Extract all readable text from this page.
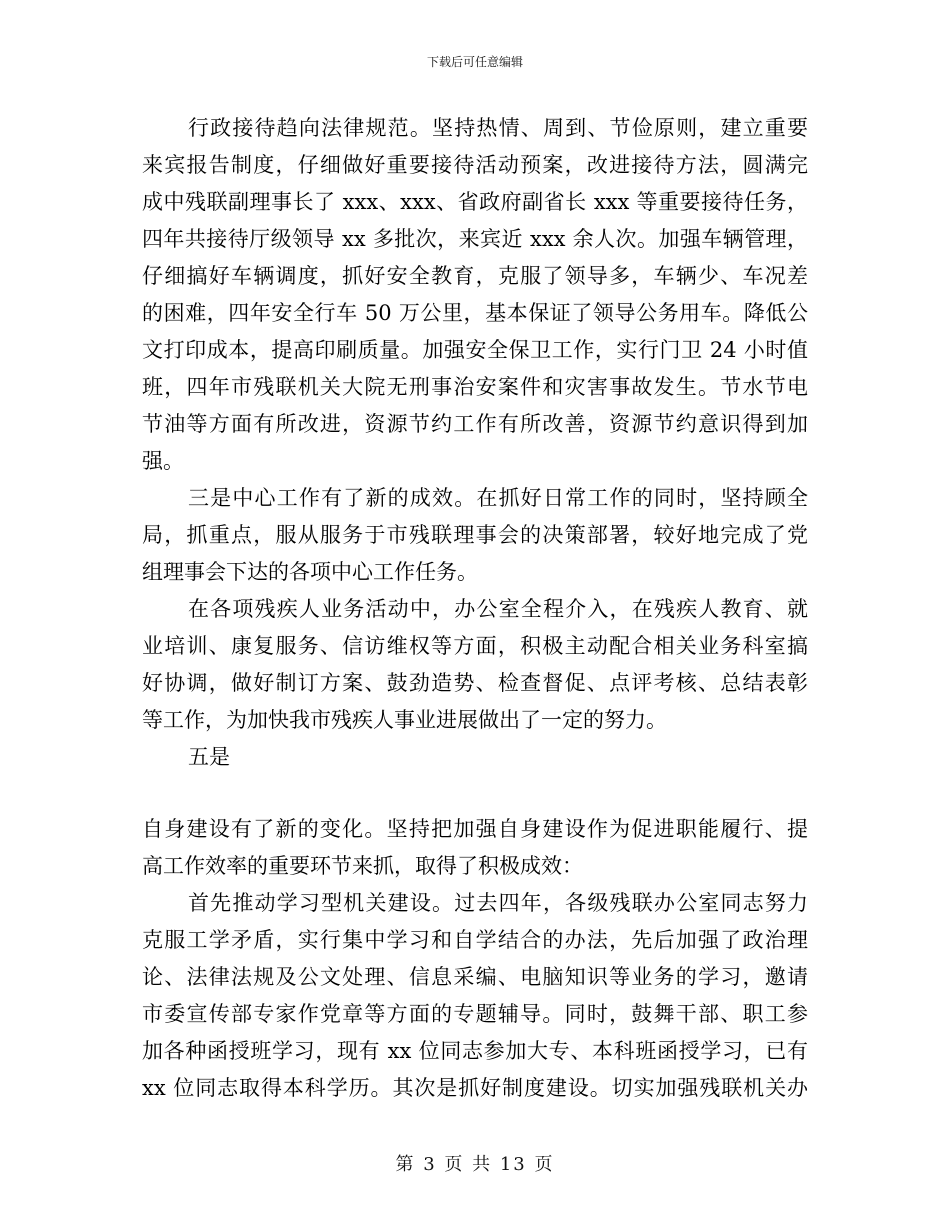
下载后可任意编辑
行政接待趋向法律规范。坚持热情、周到、节俭原则，建立重要
来宾报告制度，仔细做好重要接待活动预案，改进接待方法，圆满完
成中残联副理事长了 xxx、xxx、省政府副省长 xxx 等重要接待任务，
四年共接待厅级领导 xx 多批次，来宾近 xxx 余人次。加强车辆管理，
仔细搞好车辆调度，抓好安全教育，克服了领导多，车辆少、车况差
的困难，四年安全行车 50 万公里，基本保证了领导公务用车。降低公
文打印成本，提高印刷质量。加强安全保卫工作，实行门卫 24 小时值
班，四年市残联机关大院无刑事治安案件和灾害事故发生。节水节电
节油等方面有所改进，资源节约工作有所改善，资源节约意识得到加
强。
三是中心工作有了新的成效。在抓好日常工作的同时，坚持顾全
局，抓重点，服从服务于市残联理事会的决策部署，较好地完成了党
组理事会下达的各项中心工作任务。
在各项残疾人业务活动中，办公室全程介入，在残疾人教育、就
业培训、康复服务、信访维权等方面，积极主动配合相关业务科室搞
好协调，做好制订方案、鼓劲造势、检查督促、点评考核、总结表彰
等工作，为加快我市残疾人事业进展做出了一定的努力。
五是
自身建设有了新的变化。坚持把加强自身建设作为促进职能履行、提
高工作效率的重要环节来抓，取得了积极成效：
首先推动学习型机关建设。过去四年，各级残联办公室同志努力
克服工学矛盾，实行集中学习和自学结合的办法，先后加强了政治理
论、法律法规及公文处理、信息采编、电脑知识等业务的学习，邀请
市委宣传部专家作党章等方面的专题辅导。同时，鼓舞干部、职工参
加各种函授班学习，现有 xx 位同志参加大专、本科班函授学习，已有
xx 位同志取得本科学历。其次是抓好制度建设。切实加强残联机关办
第 3 页 共 13 页
